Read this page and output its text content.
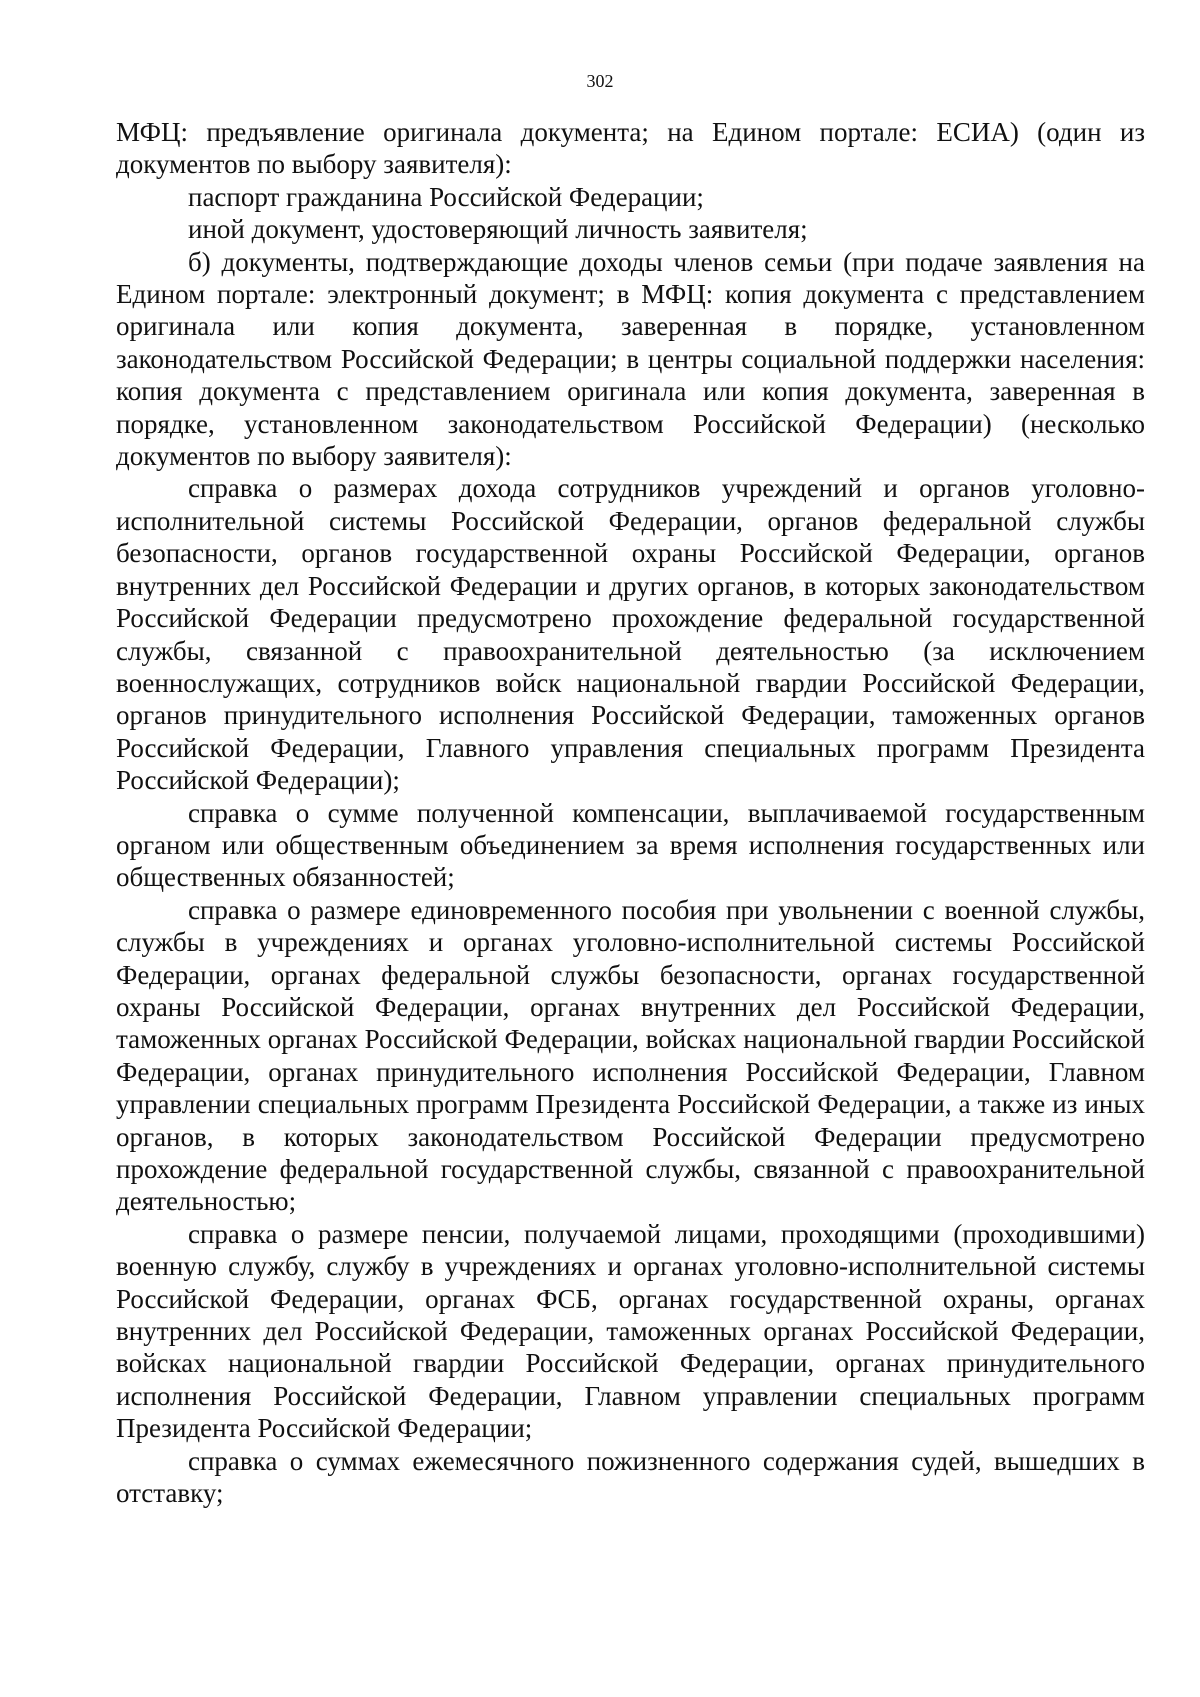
302

МФЦ: предъявление оригинала документа; на Едином портале: ЕСИА) (один из документов по выбору заявителя):

паспорт гражданина Российской Федерации;

иной документ, удостоверяющий личность заявителя;

б) документы, подтверждающие доходы членов семьи (при подаче заявления на Едином портале: электронный документ; в МФЦ: копия документа с представлением оригинала или копия документа, заверенная в порядке, установленном законодательством Российской Федерации; в центры социальной поддержки населения: копия документа с представлением оригинала или копия документа, заверенная в порядке, установленном законодательством Российской Федерации) (несколько документов по выбору заявителя):

справка о размерах дохода сотрудников учреждений и органов уголовно-исполнительной системы Российской Федерации, органов федеральной службы безопасности, органов государственной охраны Российской Федерации, органов внутренних дел Российской Федерации и других органов, в которых законодательством Российской Федерации предусмотрено прохождение федеральной государственной службы, связанной с правоохранительной деятельностью (за исключением военнослужащих, сотрудников войск национальной гвардии Российской Федерации, органов принудительного исполнения Российской Федерации, таможенных органов Российской Федерации, Главного управления специальных программ Президента Российской Федерации);

справка о сумме полученной компенсации, выплачиваемой государственным органом или общественным объединением за время исполнения государственных или общественных обязанностей;

справка о размере единовременного пособия при увольнении с военной службы, службы в учреждениях и органах уголовно-исполнительной системы Российской Федерации, органах федеральной службы безопасности, органах государственной охраны Российской Федерации, органах внутренних дел Российской Федерации, таможенных органах Российской Федерации, войсках национальной гвардии Российской Федерации, органах принудительного исполнения Российской Федерации, Главном управлении специальных программ Президента Российской Федерации, а также из иных органов, в которых законодательством Российской Федерации предусмотрено прохождение федеральной государственной службы, связанной с правоохранительной деятельностью;

справка о размере пенсии, получаемой лицами, проходящими (проходившими) военную службу, службу в учреждениях и органах уголовно-исполнительной системы Российской Федерации, органах ФСБ, органах государственной охраны, органах внутренних дел Российской Федерации, таможенных органах Российской Федерации, войсках национальной гвардии Российской Федерации, органах принудительного исполнения Российской Федерации, Главном управлении специальных программ Президента Российской Федерации;

справка о суммах ежемесячного пожизненного содержания судей, вышедших в отставку;
